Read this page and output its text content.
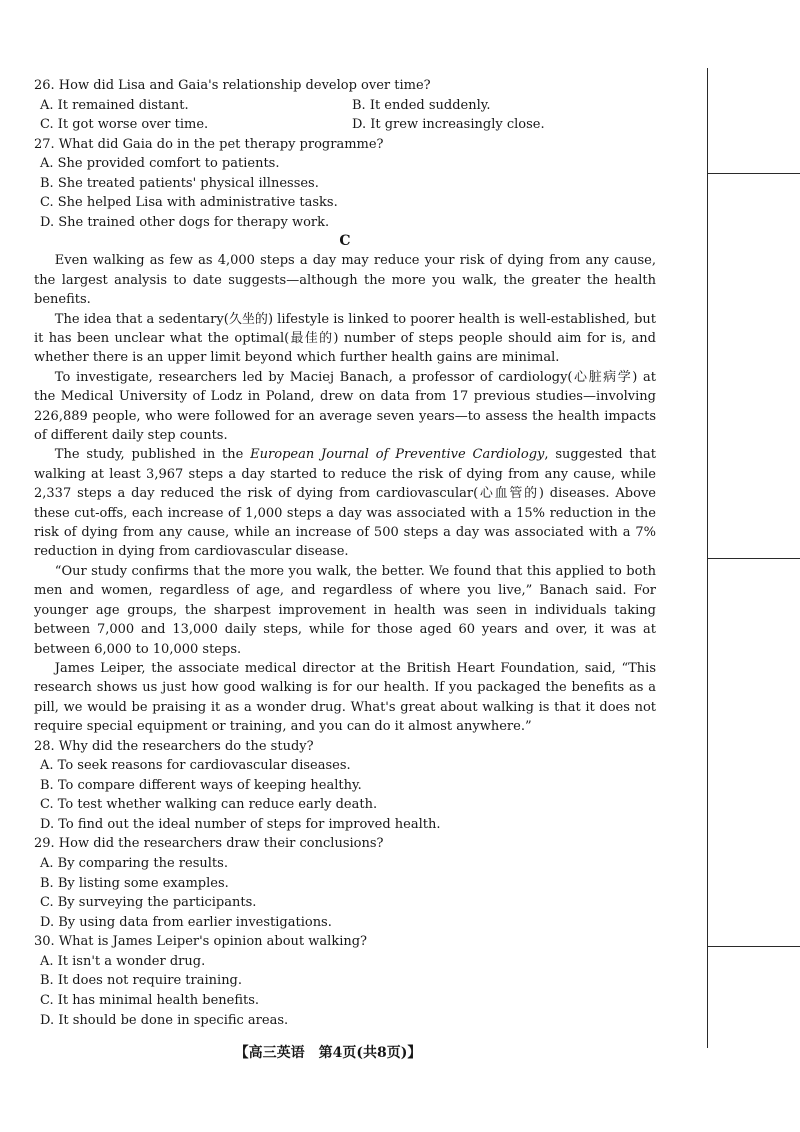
26. How did Lisa and Gaia's relationship develop over time?

A. It remained distant.	B. It ended suddenly.
C. It got worse over time.	D. It grew increasingly close.

27. What did Gaia do in the pet therapy programme?

A. She provided comfort to patients.

B. She treated patients' physical illnesses.

C. She helped Lisa with administrative tasks.

D. She trained other dogs for therapy work.

C

Even walking as few as 4,000 steps a day may reduce your risk of dying from any cause, the largest analysis to date suggests—although the more you walk, the greater the health benefits.

The idea that a sedentary(久坐的) lifestyle is linked to poorer health is well-established, but it has been unclear what the optimal(最佳的) number of steps people should aim for is, and whether there is an upper limit beyond which further health gains are minimal.

To investigate, researchers led by Maciej Banach, a professor of cardiology(心脏病学) at the Medical University of Lodz in Poland, drew on data from 17 previous studies—involving 226,889 people, who were followed for an average seven years—to assess the health impacts of different daily step counts.

The study, published in the European Journal of Preventive Cardiology, suggested that walking at least 3,967 steps a day started to reduce the risk of dying from any cause, while 2,337 steps a day reduced the risk of dying from cardiovascular(心血管的) diseases. Above these cut-offs, each increase of 1,000 steps a day was associated with a 15% reduction in the risk of dying from any cause, while an increase of 500 steps a day was associated with a 7% reduction in dying from cardiovascular disease.

“Our study confirms that the more you walk, the better. We found that this applied to both men and women, regardless of age, and regardless of where you live,” Banach said. For younger age groups, the sharpest improvement in health was seen in individuals taking between 7,000 and 13,000 daily steps, while for those aged 60 years and over, it was at between 6,000 to 10,000 steps.

James Leiper, the associate medical director at the British Heart Foundation, said, “This research shows us just how good walking is for our health. If you packaged the benefits as a pill, we would be praising it as a wonder drug. What's great about walking is that it does not require special equipment or training, and you can do it almost anywhere.”

28. Why did the researchers do the study?

A. To seek reasons for cardiovascular diseases.

B. To compare different ways of keeping healthy.

C. To test whether walking can reduce early death.

D. To find out the ideal number of steps for improved health.

29. How did the researchers draw their conclusions?

A. By comparing the results.

B. By listing some examples.

C. By surveying the participants.

D. By using data from earlier investigations.

30. What is James Leiper's opinion about walking?

A. It isn't a wonder drug.

B. It does not require training.

C. It has minimal health benefits.

D. It should be done in specific areas.

【高三英语　第4页(共8页)】
